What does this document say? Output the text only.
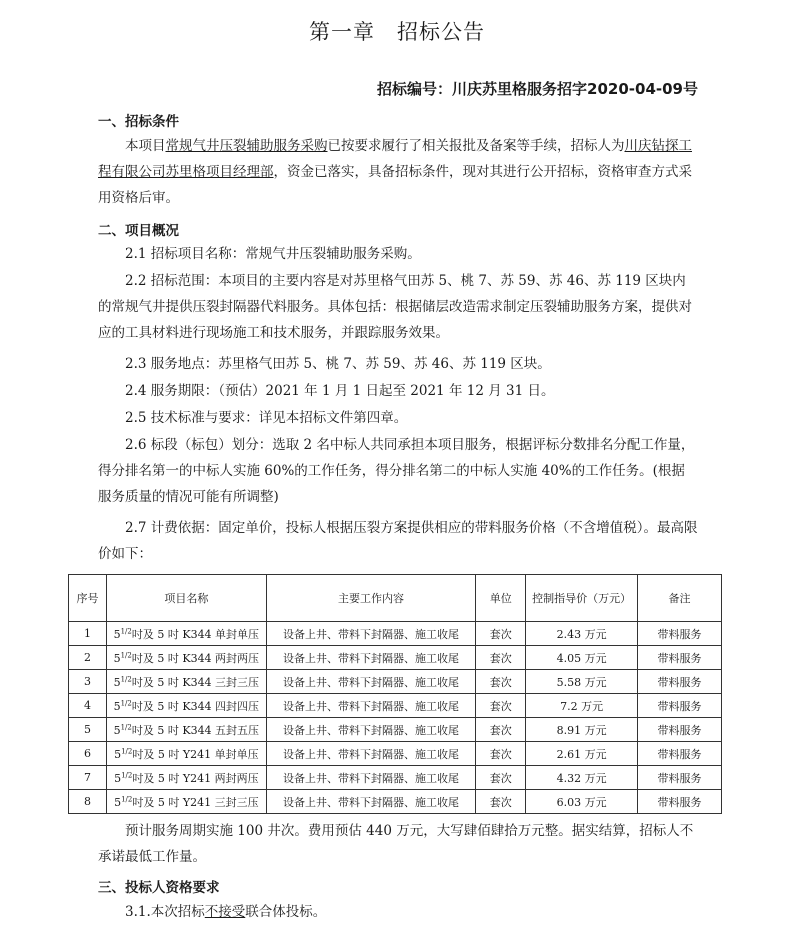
第一章　招标公告
招标编号：川庆苏里格服务招字2020-04-09号
一、招标条件
本项目常规气井压裂辅助服务采购已按要求履行了相关报批及备案等手续，招标人为川庆钻探工程有限公司苏里格项目经理部，资金已落实，具备招标条件，现对其进行公开招标，资格审查方式采用资格后审。
二、项目概况
2.1 招标项目名称：常规气井压裂辅助服务采购。
2.2 招标范围：本项目的主要内容是对苏里格气田苏 5、桃 7、苏 59、苏 46、苏 119 区块内的常规气井提供压裂封隔器代料服务。具体包括：根据储层改造需求制定压裂辅助服务方案，提供对应的工具材料进行现场施工和技术服务，并跟踪服务效果。
2.3 服务地点：苏里格气田苏 5、桃 7、苏 59、苏 46、苏 119 区块。
2.4 服务期限：（预估）2021 年 1 月 1 日起至 2021 年 12 月 31 日。
2.5 技术标准与要求：详见本招标文件第四章。
2.6 标段（标包）划分：选取 2 名中标人共同承担本项目服务，根据评标分数排名分配工作量，得分排名第一的中标人实施 60%的工作任务，得分排名第二的中标人实施 40%的工作任务。(根据服务质量的情况可能有所调整)
2.7 计费依据：固定单价，投标人根据压裂方案提供相应的带料服务价格（不含增值税）。最高限价如下：
序号	项目名称	主要工作内容	单位	控制指导价（万元）	备注
1	$5^{1/2}$吋及 5 吋 K344 单封单压	设备上井、带料下封隔器、施工收尾	套次	2.43 万元	带料服务
2	$5^{1/2}$吋及 5 吋 K344 两封两压	设备上井、带料下封隔器、施工收尾	套次	4.05 万元	带料服务
3	$5^{1/2}$吋及 5 吋 K344 三封三压	设备上井、带料下封隔器、施工收尾	套次	5.58 万元	带料服务
4	$5^{1/2}$吋及 5 吋 K344 四封四压	设备上井、带料下封隔器、施工收尾	套次	7.2 万元	带料服务
5	$5^{1/2}$吋及 5 吋 K344 五封五压	设备上井、带料下封隔器、施工收尾	套次	8.91 万元	带料服务
6	$5^{1/2}$吋及 5 吋 Y241 单封单压	设备上井、带料下封隔器、施工收尾	套次	2.61 万元	带料服务
7	$5^{1/2}$吋及 5 吋 Y241 两封两压	设备上井、带料下封隔器、施工收尾	套次	4.32 万元	带料服务
8	$5^{1/2}$吋及 5 吋 Y241 三封三压	设备上井、带料下封隔器、施工收尾	套次	6.03 万元	带料服务
预计服务周期实施 100 井次。费用预估 440 万元，大写肆佰肆拾万元整。据实结算，招标人不承诺最低工作量。
三、投标人资格要求
3.1.本次招标不接受联合体投标。
